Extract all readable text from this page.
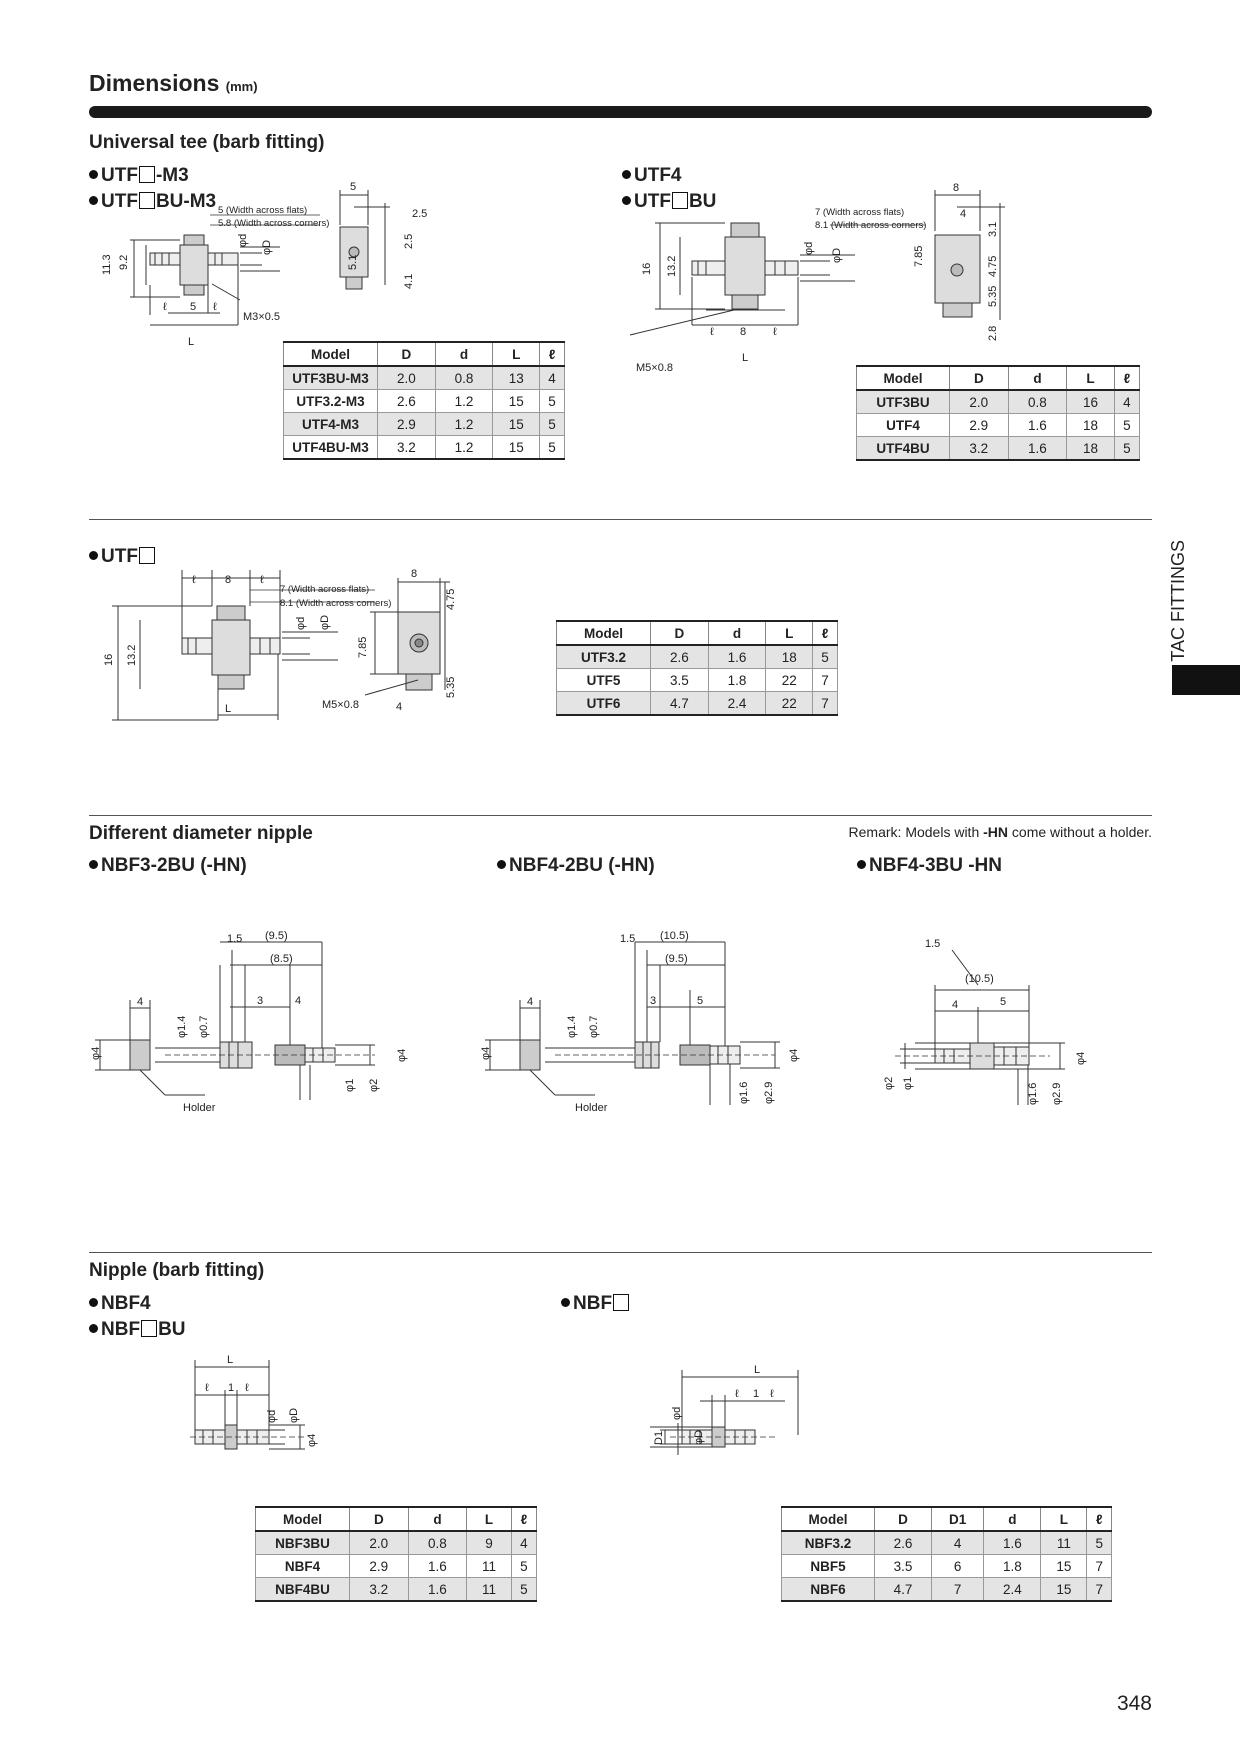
Dimensions (mm)
Universal tee (barb fitting)
UTF -M3
UTF BU-M3
UTF4
UTF BU
5 (Width across flats)
5.8 (Width across corners)
11.3 9.2
φd φD
ℓ 5 ℓ
L
M3×0.5
5
2.5
2.5
5.1
4.1
7 (Width across flats)
8.1 (Width across corners)
16 13.2
φd φD
ℓ 8 ℓ
L
M5×0.8
8
4
3.1
7.85	4.75
5.35
2.8
Model	D	d	L	ℓ
UTF3BU-M3	2.0	0.8	13	4
UTF3.2-M3	2.6	1.2	15	5
UTF4-M3	2.9	1.2	15	5
UTF4BU-M3	3.2	1.2	15	5
Model	D	d	L	ℓ
UTF3BU	2.0	0.8	16	4
UTF4	2.9	1.6	18	5
UTF4BU	3.2	1.6	18	5
UTF
ℓ	8	ℓ
7 (Width across flats)
8.1 (Width across corners)
16 13.2
φd φD
L	M5×0.8
8
4.75
7.85
5.35
4
Model	D	d	L	ℓ
UTF3.2	2.6	1.6	18	5
UTF5	3.5	1.8	22	7
UTF6	4.7	2.4	22	7
TAC FITTINGS
Different diameter nipple	Remark: Models with -HN come without a holder.
NBF3-2BU (-HN)	NBF4-2BU (-HN)	NBF4-3BU -HN
1.5 (9.5)
(8.5)
3	4
4
φ1.4 φ0.7
φ4
φ1 φ2
φ4
Holder
1.5 (10.5)
(9.5)
3	5
4
φ1.4 φ0.7
φ4
φ1.6 φ2.9
φ4
Holder
1.5
(10.5)
4	5
φ2 φ1	φ1.6 φ2.9
φ4
Nipple (barb fitting)
NBF4
NBF BU
NBF
L
ℓ 1 ℓ
φd φD
φ4
L
ℓ 1 ℓ
φd
φD
D1
Model	D	d	L	ℓ
NBF3BU	2.0	0.8	9	4
NBF4	2.9	1.6	11	5
NBF4BU	3.2	1.6	11	5
Model	D	D1	d	L	ℓ
NBF3.2	2.6	4	1.6	11	5
NBF5	3.5	6	1.8	15	7
NBF6	4.7	7	2.4	15	7
348
